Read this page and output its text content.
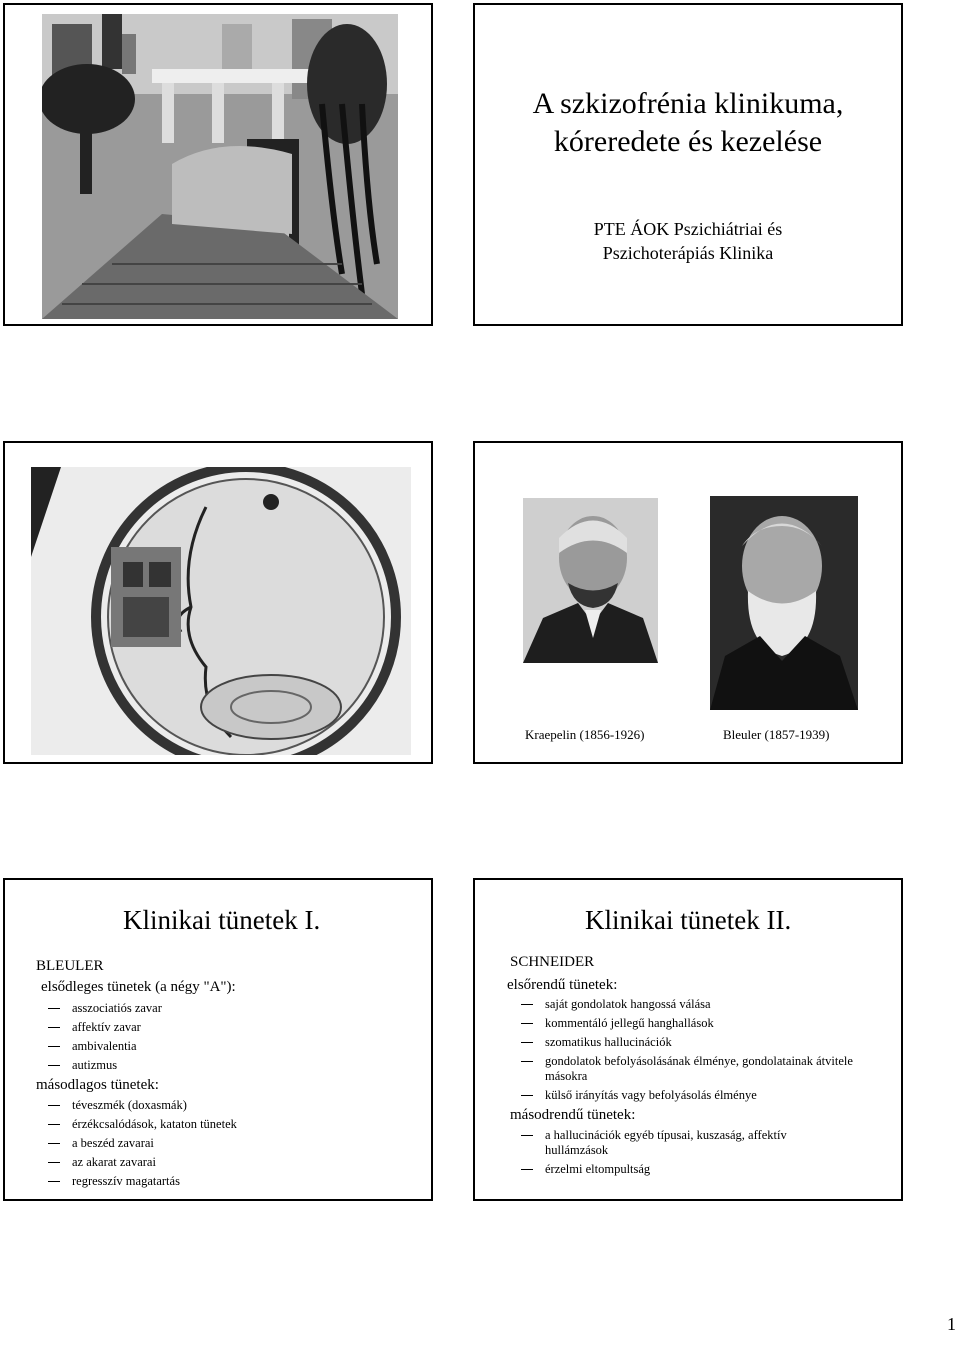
A szkizofrénia klinikuma,
kóreredete és kezelése
PTE ÁOK Pszichiátriai és
Pszichoterápiás Klinika
Kraepelin (1856-1926)	Bleuler (1857-1939)
Klinikai tünetek I.
BLEULER
elsődleges tünetek (a négy "A"):
asszociatiós zavar
affektív zavar
ambivalentia
autizmus
másodlagos tünetek:
téveszmék (doxasmák)
érzékcsalódások, kataton tünetek
a beszéd zavarai
az akarat zavarai
regresszív magatartás
Klinikai tünetek II.
SCHNEIDER
elsőrendű tünetek:
saját gondolatok hangossá válása
kommentáló jellegű hanghallások
szomatikus hallucinációk
gondolatok befolyásolásának élménye, gondolatainak átvitele másokra
külső irányítás vagy befolyásolás élménye
másodrendű tünetek:
a hallucinációk egyéb típusai, kuszaság, affektív hullámzások
érzelmi eltompultság
1
